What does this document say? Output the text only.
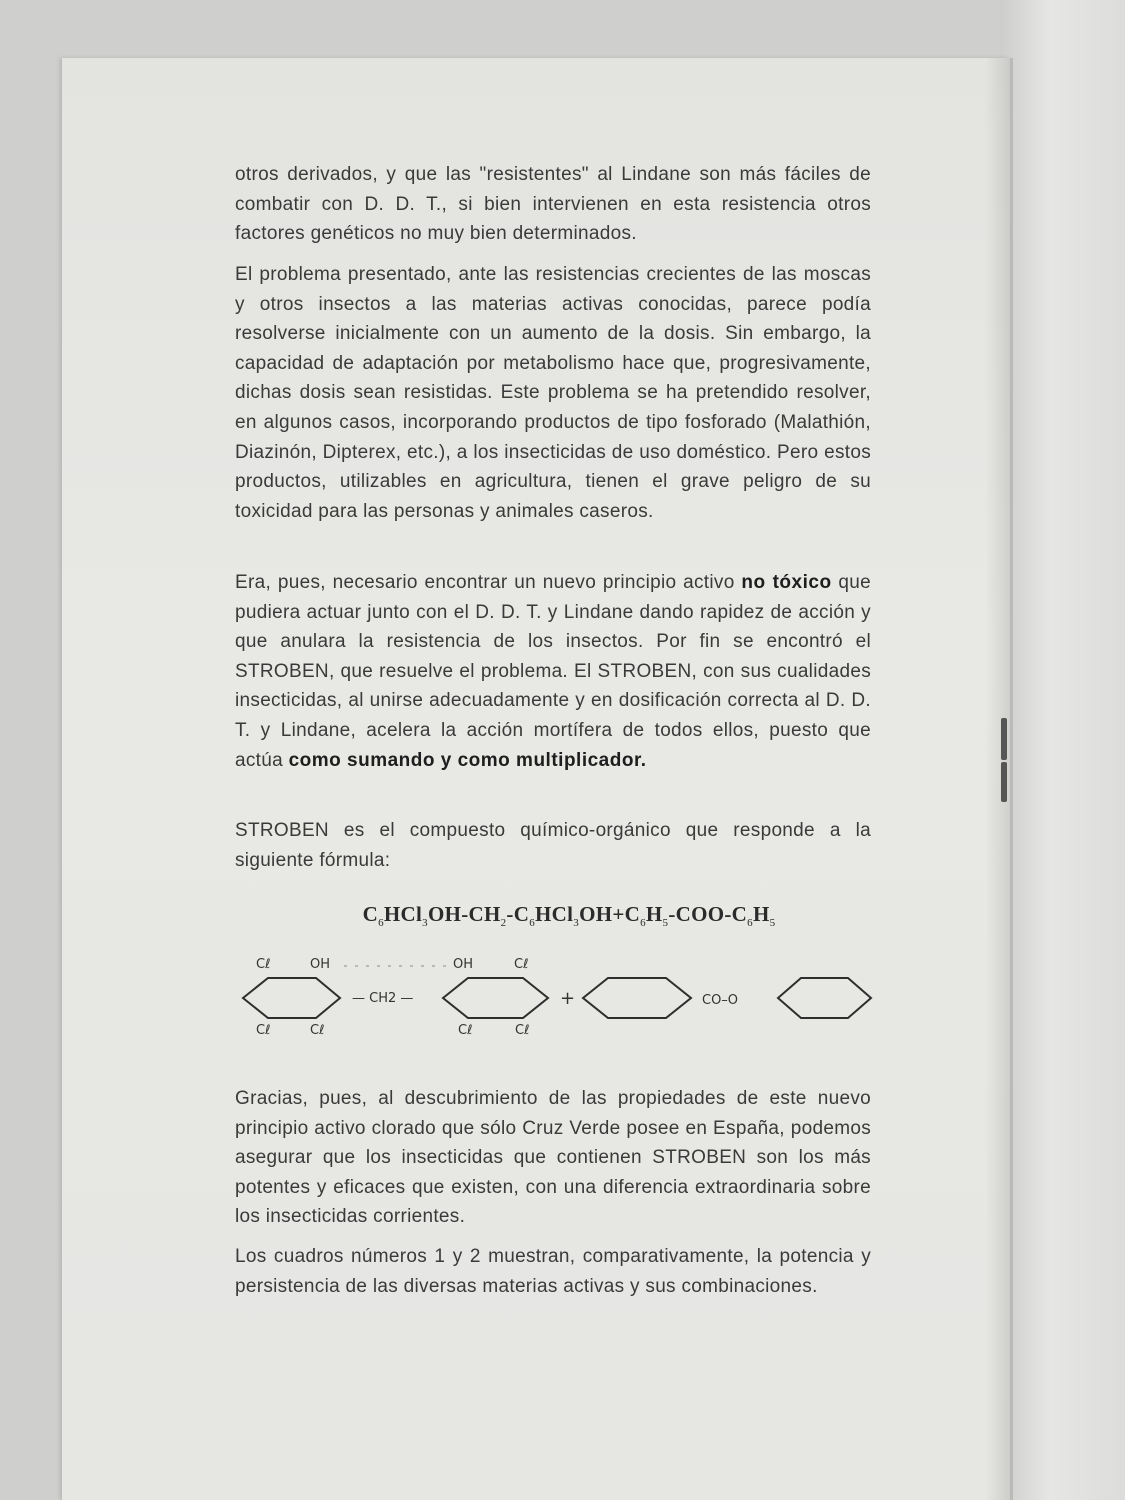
otros derivados, y que las "resistentes" al Lindane son más fáciles de combatir con D. D. T., si bien intervienen en esta resistencia otros factores genéticos no muy bien determinados.
El problema presentado, ante las resistencias crecientes de las moscas y otros insectos a las materias activas conocidas, parece podía resolverse inicialmente con un aumento de la dosis. Sin embargo, la capacidad de adaptación por metabolismo hace que, progresivamente, dichas dosis sean resistidas. Este problema se ha pretendido resolver, en algunos casos, incorporando productos de tipo fosforado (Malathión, Diazinón, Dipterex, etc.), a los insecticidas de uso doméstico. Pero estos productos, utilizables en agricultura, tienen el grave peligro de su toxicidad para las personas y animales caseros.
Era, pues, necesario encontrar un nuevo principio activo no tóxico que pudiera actuar junto con el D. D. T. y Lindane dando rapidez de acción y que anulara la resistencia de los insectos. Por fin se encontró el STROBEN, que resuelve el problema. El STROBEN, con sus cualidades insecticidas, al unirse adecuadamente y en dosificación correcta al D. D. T. y Lindane, acelera la acción mortífera de todos ellos, puesto que actúa como sumando y como multiplicador.
STROBEN es el compuesto químico-orgánico que responde a la siguiente fórmula:
$C_6HCl_3OH-CH_2-C_6HCl_3OH+C_6H_5-COO-C_6H_5$
Cℓ	OH
Cℓ	Cℓ
— CH2 —
OH	Cℓ
Cℓ	Cℓ
+	CO–O
Gracias, pues, al descubrimiento de las propiedades de este nuevo principio activo clorado que sólo Cruz Verde posee en España, podemos asegurar que los insecticidas que contienen STROBEN son los más potentes y eficaces que existen, con una diferencia extraordinaria sobre los insecticidas corrientes.
Los cuadros números 1 y 2 muestran, comparativamente, la potencia y persistencia de las diversas materias activas y sus combinaciones.
